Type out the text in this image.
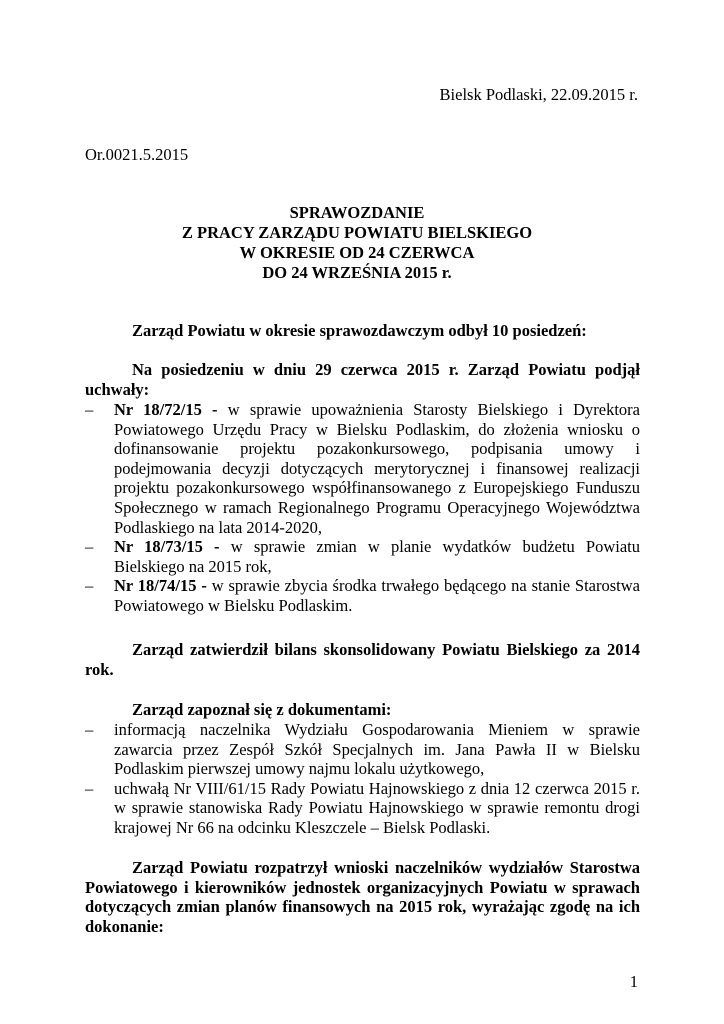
Bielsk Podlaski, 22.09.2015 r.
Or.0021.5.2015
SPRAWOZDANIE
Z PRACY ZARZĄDU POWIATU BIELSKIEGO
W OKRESIE OD 24 CZERWCA
DO 24 WRZEŚNIA 2015 r.
Zarząd Powiatu w okresie sprawozdawczym odbył 10 posiedzeń:
Na posiedzeniu w dniu 29 czerwca 2015 r. Zarząd Powiatu podjął uchwały:
– Nr 18/72/15 - w sprawie upoważnienia Starosty Bielskiego i Dyrektora Powiatowego Urzędu Pracy w Bielsku Podlaskim, do złożenia wniosku o dofinansowanie projektu pozakonkursowego, podpisania umowy i podejmowania decyzji dotyczących merytorycznej i finansowej realizacji projektu pozakonkursowego współfinansowanego z Europejskiego Funduszu Społecznego w ramach Regionalnego Programu Operacyjnego Województwa Podlaskiego na lata 2014-2020,
– Nr 18/73/15 - w sprawie zmian w planie wydatków budżetu Powiatu Bielskiego na 2015 rok,
– Nr 18/74/15 - w sprawie zbycia środka trwałego będącego na stanie Starostwa Powiatowego w Bielsku Podlaskim.
Zarząd zatwierdził bilans skonsolidowany Powiatu Bielskiego za 2014 rok.
Zarząd zapoznał się z dokumentami:
– informacją naczelnika Wydziału Gospodarowania Mieniem w sprawie zawarcia przez Zespół Szkół Specjalnych im. Jana Pawła II w Bielsku Podlaskim pierwszej umowy najmu lokalu użytkowego,
– uchwałą Nr VIII/61/15 Rady Powiatu Hajnowskiego z dnia 12 czerwca 2015 r. w sprawie stanowiska Rady Powiatu Hajnowskiego w sprawie remontu drogi krajowej Nr 66 na odcinku Kleszczele – Bielsk Podlaski.
Zarząd Powiatu rozpatrzył wnioski naczelników wydziałów Starostwa Powiatowego i kierowników jednostek organizacyjnych Powiatu w sprawach dotyczących zmian planów finansowych na 2015 rok, wyrażając zgodę na ich dokonanie:
1
